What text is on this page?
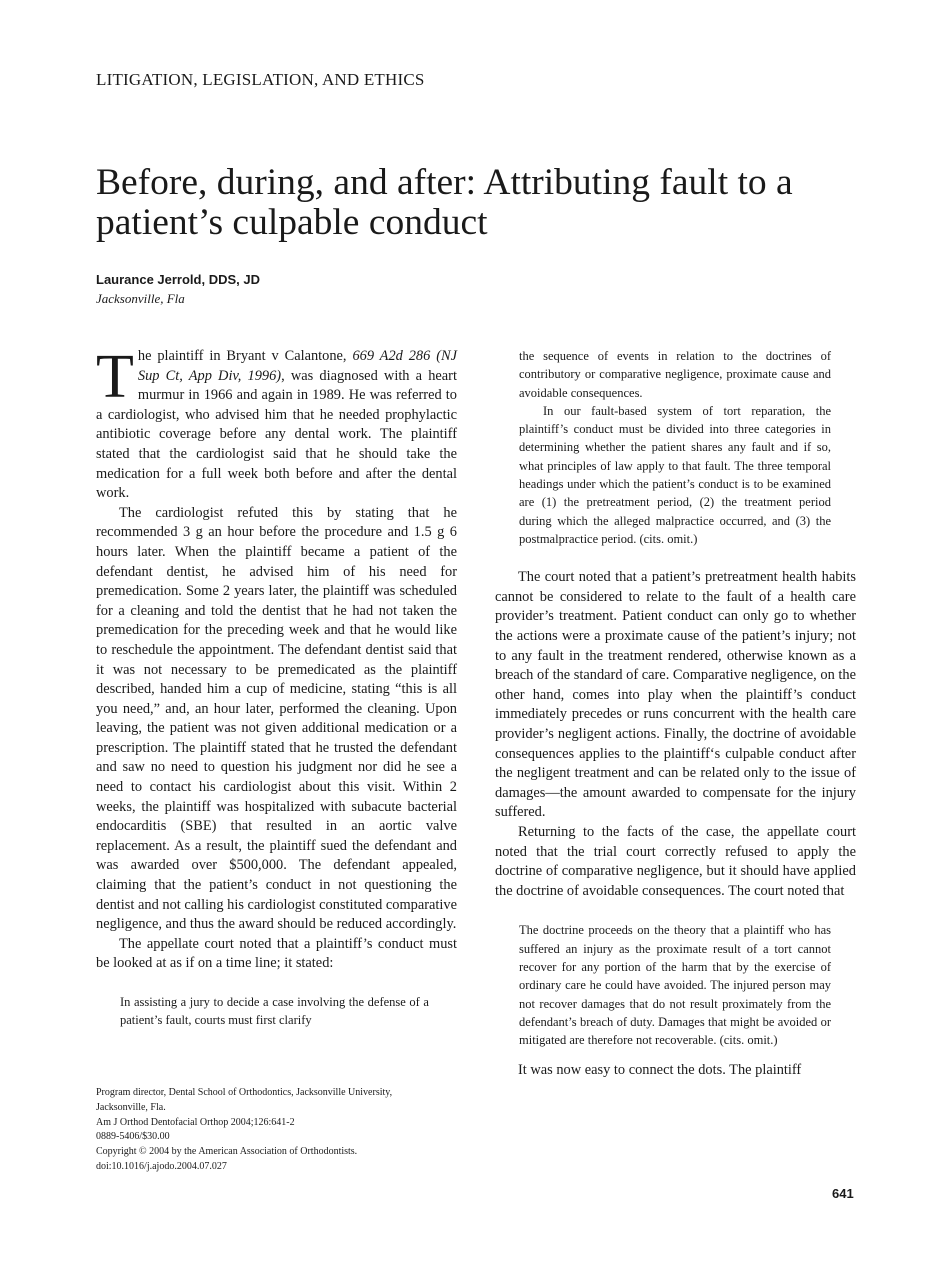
LITIGATION, LEGISLATION, AND ETHICS
Before, during, and after: Attributing fault to a patient’s culpable conduct
Laurance Jerrold, DDS, JD
Jacksonville, Fla

The plaintiff in Bryant v Calantone, 669 A2d 286 (NJ Sup Ct, App Div, 1996), was diagnosed with a heart murmur in 1966 and again in 1989. He was referred to a cardiologist, who advised him that he needed prophylactic antibiotic coverage before any dental work. The plaintiff stated that the cardiologist said that he should take the medication for a full week both before and after the dental work.

The cardiologist refuted this by stating that he recommended 3 g an hour before the procedure and 1.5 g 6 hours later. When the plaintiff became a patient of the defendant dentist, he advised him of his need for premedication. Some 2 years later, the plaintiff was scheduled for a cleaning and told the dentist that he had not taken the premedication for the preceding week and that he would like to reschedule the appointment. The defendant dentist said that it was not necessary to be premedicated as the plaintiff described, handed him a cup of medicine, stating “this is all you need,” and, an hour later, performed the cleaning. Upon leaving, the patient was not given additional medication or a prescription. The plaintiff stated that he trusted the defendant and saw no need to question his judgment nor did he see a need to contact his cardiologist about this visit. Within 2 weeks, the plaintiff was hospitalized with subacute bacterial endocarditis (SBE) that resulted in an aortic valve replacement. As a result, the plaintiff sued the defendant and was awarded over $500,000. The defendant appealed, claiming that the patient’s conduct in not questioning the dentist and not calling his cardiologist constituted comparative negligence, and thus the award should be reduced accordingly.

The appellate court noted that a plaintiff’s conduct must be looked at as if on a time line; it stated:

In assisting a jury to decide a case involving the defense of a patient’s fault, courts must first clarify

Program director, Dental School of Orthodontics, Jacksonville University,
Jacksonville, Fla.
Am J Orthod Dentofacial Orthop 2004;126:641-2
0889-5406/$30.00
Copyright © 2004 by the American Association of Orthodontists.
doi:10.1016/j.ajodo.2004.07.027

the sequence of events in relation to the doctrines of contributory or comparative negligence, proximate cause and avoidable consequences.

In our fault-based system of tort reparation, the plaintiff’s conduct must be divided into three categories in determining whether the patient shares any fault and if so, what principles of law apply to that fault. The three temporal headings under which the patient’s conduct is to be examined are (1) the pretreatment period, (2) the treatment period during which the alleged malpractice occurred, and (3) the postmalpractice period. (cits. omit.)

The court noted that a patient’s pretreatment health habits cannot be considered to relate to the fault of a health care provider’s treatment. Patient conduct can only go to whether the actions were a proximate cause of the patient’s injury; not to any fault in the treatment rendered, otherwise known as a breach of the standard of care. Comparative negligence, on the other hand, comes into play when the plaintiff’s conduct immediately precedes or runs concurrent with the health care provider’s negligent actions. Finally, the doctrine of avoidable consequences applies to the plaintiff‘s culpable conduct after the negligent treatment and can be related only to the issue of damages—the amount awarded to compensate for the injury suffered.

Returning to the facts of the case, the appellate court noted that the trial court correctly refused to apply the doctrine of comparative negligence, but it should have applied the doctrine of avoidable consequences. The court noted that

The doctrine proceeds on the theory that a plaintiff who has suffered an injury as the proximate result of a tort cannot recover for any portion of the harm that by the exercise of ordinary care he could have avoided. The injured person may not recover damages that do not result proximately from the defendant’s breach of duty. Damages that might be avoided or mitigated are therefore not recoverable. (cits. omit.)

It was now easy to connect the dots. The plaintiff

641
